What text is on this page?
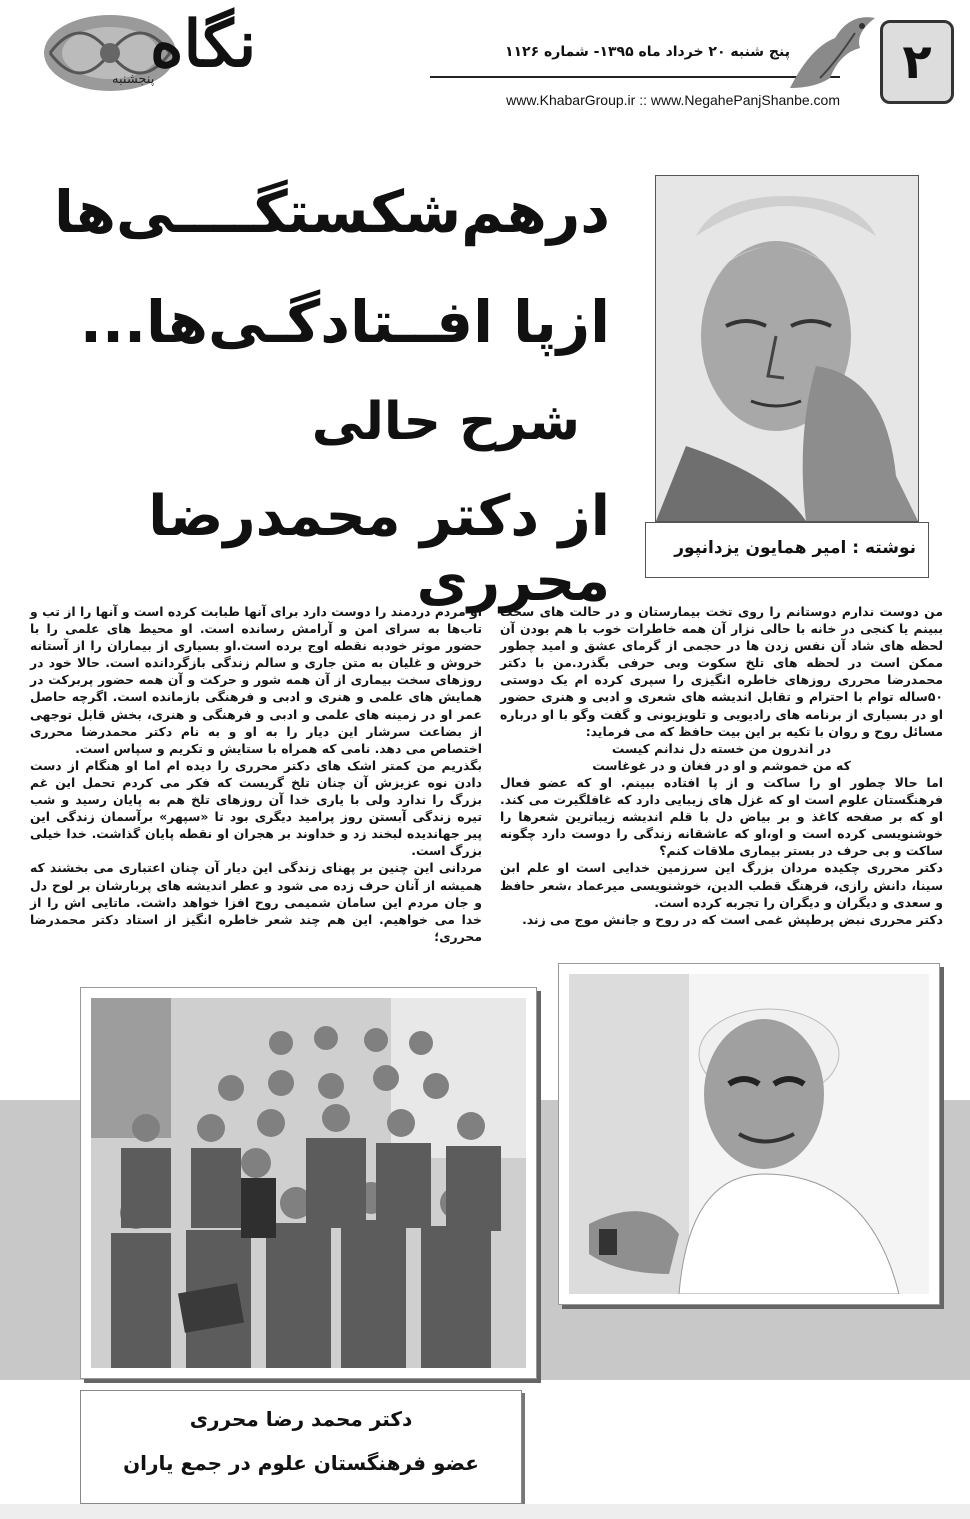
نگاه
پنجشنبه
پنج شنبه ۲۰ خرداد ماه ۱۳۹۵- شماره ۱۱۲۶
www.KhabarGroup.ir :: www.NegahePanjShanbe.com
۲
درهم‌شکستگــــی‌ها
ازپا افــتادگـی‌ها...
شرح حالی
از دکتر محمدرضا محرری
نوشته : امیر همایون یزدانپور

من دوست ندارم دوستانم را روی تخت بیمارستان و در حالت های سخت ببینم یا کنجی در خانه با حالی نزار آن همه خاطرات خوب با هم بودن آن لحظه های شاد آن نفس زدن ها در حجمی از گرمای عشق و امید چطور ممکن است در لحظه های تلخ سکوت وبی حرفی بگذرد.من با دکتر محمدرضا محرری روزهای خاطره انگیزی را سپری کرده ام یک دوستی ۵۰ساله توام با احترام و تقابل اندیشه های شعری و ادبی و هنری حضور او در بسیاری از برنامه های رادیویی و تلویزیونی و گفت وگو با او درباره مسائل روح و روان با تکیه بر این بیت حافظ که می فرماید:

در اندرون من خسته دل ندانم کیست

که من خموشم و او در فغان و در غوغاست

اما حالا چطور او را ساکت و از پا افتاده ببینم. او که عضو فعال فرهنگستان علوم است او که غزل های زیبایی دارد که غافلگیرت می کند. او که بر صفحه کاغذ و بر بیاض دل با قلم اندیشه زیباترین شعرها را خوشنویسی کرده است و او،او که عاشقانه زندگی را دوست دارد چگونه ساکت و بی حرف در بستر بیماری ملاقات کنم؟

دکتر محرری چکیده مردان بزرگ این سرزمین خدایی است او علم ابن سینا، دانش رازی، فرهنگ قطب الدین، خوشنویسی میرعماد ،شعر حافظ و سعدی و دیگران و دیگران را تجربه کرده است.

دکتر محرری نبض پرطپش غمی است که در روح و جانش موج می زند.

او مردم دردمند را دوست دارد برای آنها طبابت کرده است و آنها را از تب و تاب‌ها به سرای امن و آرامش رسانده است. او محیط های علمی را با حضور موثر خودبه نقطه اوج برده است.او بسیاری از بیماران را از آستانه خروش و غلیان به متن جاری و سالم زندگی بازگردانده است. حالا خود در روزهای سخت بیماری از آن همه شور و حرکت و آن همه حضور پربرکت در همایش های علمی و هنری و ادبی و فرهنگی بازمانده است. اگرچه حاصل عمر او در زمینه های علمی و ادبی و فرهنگی و هنری، بخش قابل توجهی از بضاعت سرشار این دیار را به او و به نام دکتر محمدرضا محرری اختصاص می دهد. نامی که همراه با ستایش و تکریم و سپاس است.

بگذریم من کمتر اشک های دکتر محرری را دیده ام اما او هنگام از دست دادن نوه عزیزش آن چنان تلخ گریست که فکر می کردم تحمل این غم بزرگ را ندارد ولی با یاری خدا آن روزهای تلخ هم به پایان رسید و شب تیره زندگی آبستن روز پرامید دیگری بود تا «سپهر» برآسمان زندگی این پیر جهاندیده لبخند زد و خداوند بر هجران او نقطه پایان گذاشت. خدا خیلی بزرگ است.

مردانی این چنین بر پهنای زندگی این دیار آن چنان اعتباری می بخشند که همیشه از آنان حرف زده می شود و عطر اندیشه های پربارشان بر لوح دل و جان مردم این سامان شمیمی روح افزا خواهد داشت. ماتایی اش را از خدا می خواهیم. این هم چند شعر خاطره انگیز از استاد دکتر محمدرضا محرری؛

دکتر محمد رضا محرری
عضو فرهنگستان علوم در جمع یاران
